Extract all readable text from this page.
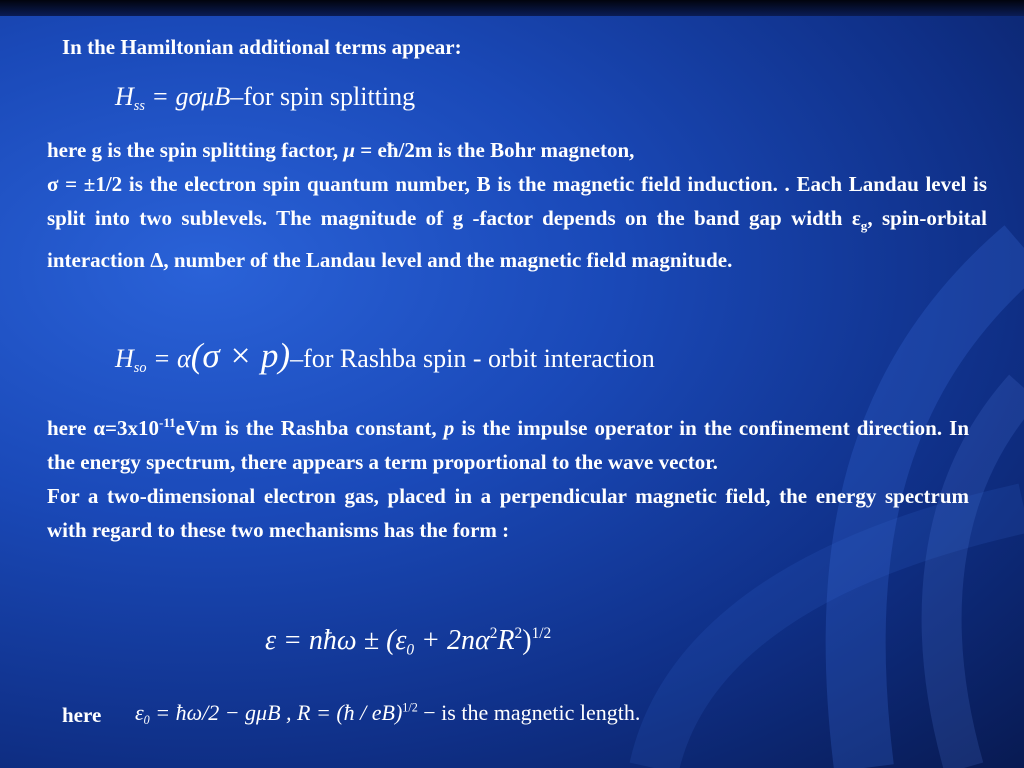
In the Hamiltonian additional terms appear:
$H_{ss} = g\sigma\mu B-for$ spin splitting
here g is the spin splitting factor, μ = eħ/2m is the Bohr magneton,
σ = ±1/2 is the electron spin quantum number, B is the magnetic field induction. . Each Landau level is split into two sublevels. The magnitude of g -factor depends on the band gap width $\varepsilon_g$, spin-orbital interaction Δ, number of the Landau level and the magnetic field magnitude.
$H_{so} = \alpha(\sigma \times p)-for$ Rashba spin - orbit interaction
here $\alpha=3x10^{-11}eVm$ is the Rashba constant, p is the impulse operator in the confinement direction. In the energy spectrum, there appears a term proportional to the wave vector.
For a two-dimensional electron gas, placed in a perpendicular magnetic field, the energy spectrum with regard to these two mechanisms has the form :
ε = nħω ± $(\varepsilon_0 + 2n\alpha^2R^2)^{1/2}$
here $\varepsilon_0$ = ħω/2 − gμB , R = (ħ / eB)$^{1/2}$ − is the magnetic length.
